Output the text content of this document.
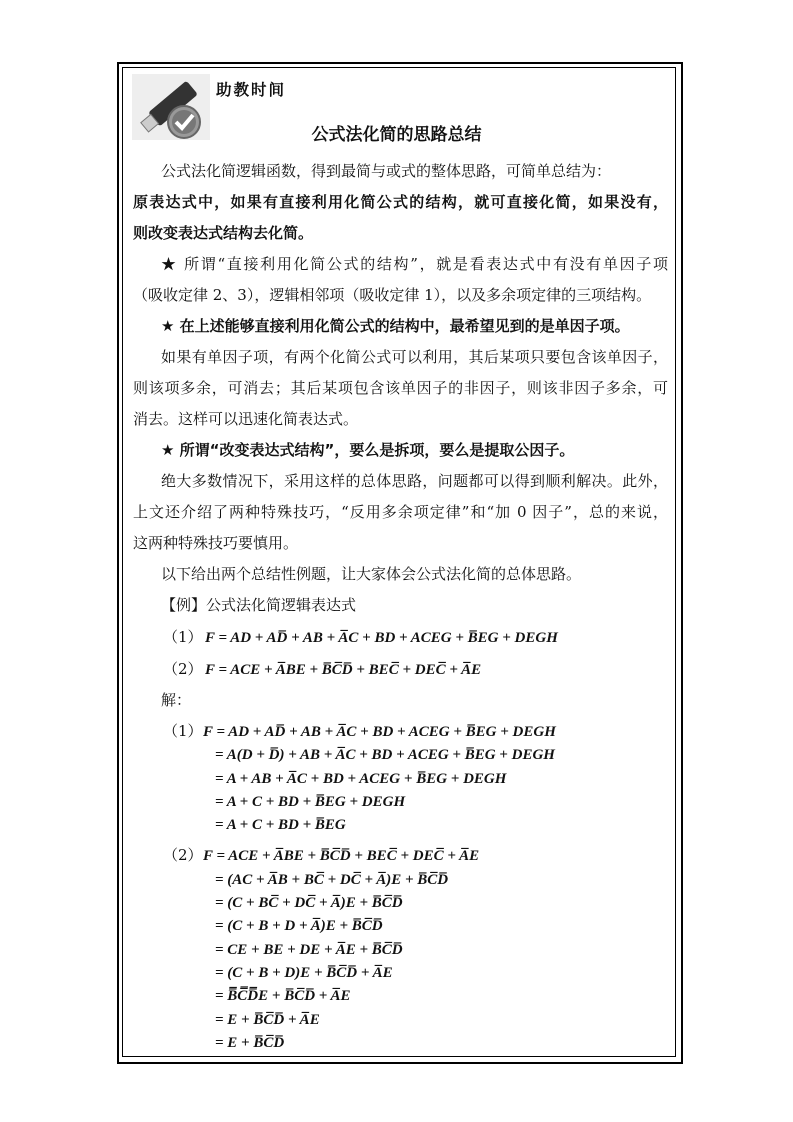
助教时间
公式法化简的思路总结
公式法化简逻辑函数，得到最简与或式的整体思路，可简单总结为：
原表达式中，如果有直接利用化简公式的结构，就可直接化简，如果没有，
则改变表达式结构去化简。
★ 所谓“直接利用化简公式的结构”，就是看表达式中有没有单因子项
（吸收定律 2、3），逻辑相邻项（吸收定律 1），以及多余项定律的三项结构。
★ 在上述能够直接利用化简公式的结构中，最希望见到的是单因子项。
如果有单因子项，有两个化简公式可以利用，其后某项只要包含该单因子，
则该项多余，可消去；其后某项包含该单因子的非因子，则该非因子多余，可
消去。这样可以迅速化简表达式。
★ 所谓“改变表达式结构”，要么是拆项，要么是提取公因子。
绝大多数情况下，采用这样的总体思路，问题都可以得到顺利解决。此外，
上文还介绍了两种特殊技巧，“反用多余项定律”和“加 0 因子”，总的来说，
这两种特殊技巧要慎用。
以下给出两个总结性例题，让大家体会公式法化简的总体思路。
【例】公式法化简逻辑表达式
（1） F = AD + AD̅ + AB + A̅C + BD + ACEG + B̅EG + DEGH
（2） F = ACE + A̅BE + B̅C̅D̅ + BEC̅ + DEC̅ + A̅E
解：
（1）F = AD + AD̅ + AB + A̅C + BD + ACEG + B̅EG + DEGH
= A(D + D̅) + AB + A̅C + BD + ACEG + B̅EG + DEGH
= A + AB + A̅C + BD + ACEG + B̅EG + DEGH
= A + C + BD + B̅EG + DEGH
= A + C + BD + B̅EG
（2）F = ACE + A̅BE + B̅C̅D̅ + BEC̅ + DEC̅ + A̅E
= (AC + A̅B + BC̅ + DC̅ + A̅)E + B̅C̅D̅
= (C + BC̅ + DC̅ + A̅)E + B̅C̅D̅
= (C + B + D + A̅)E + B̅C̅D̅
= CE + BE + DE + A̅E + B̅C̅D̅
= (C + B + D)E + B̅C̅D̅ + A̅E
= B̿C̿D̿E + B̅C̅D̅ + A̅E
= E + B̅C̅D̅ + A̅E
= E + B̅C̅D̅
